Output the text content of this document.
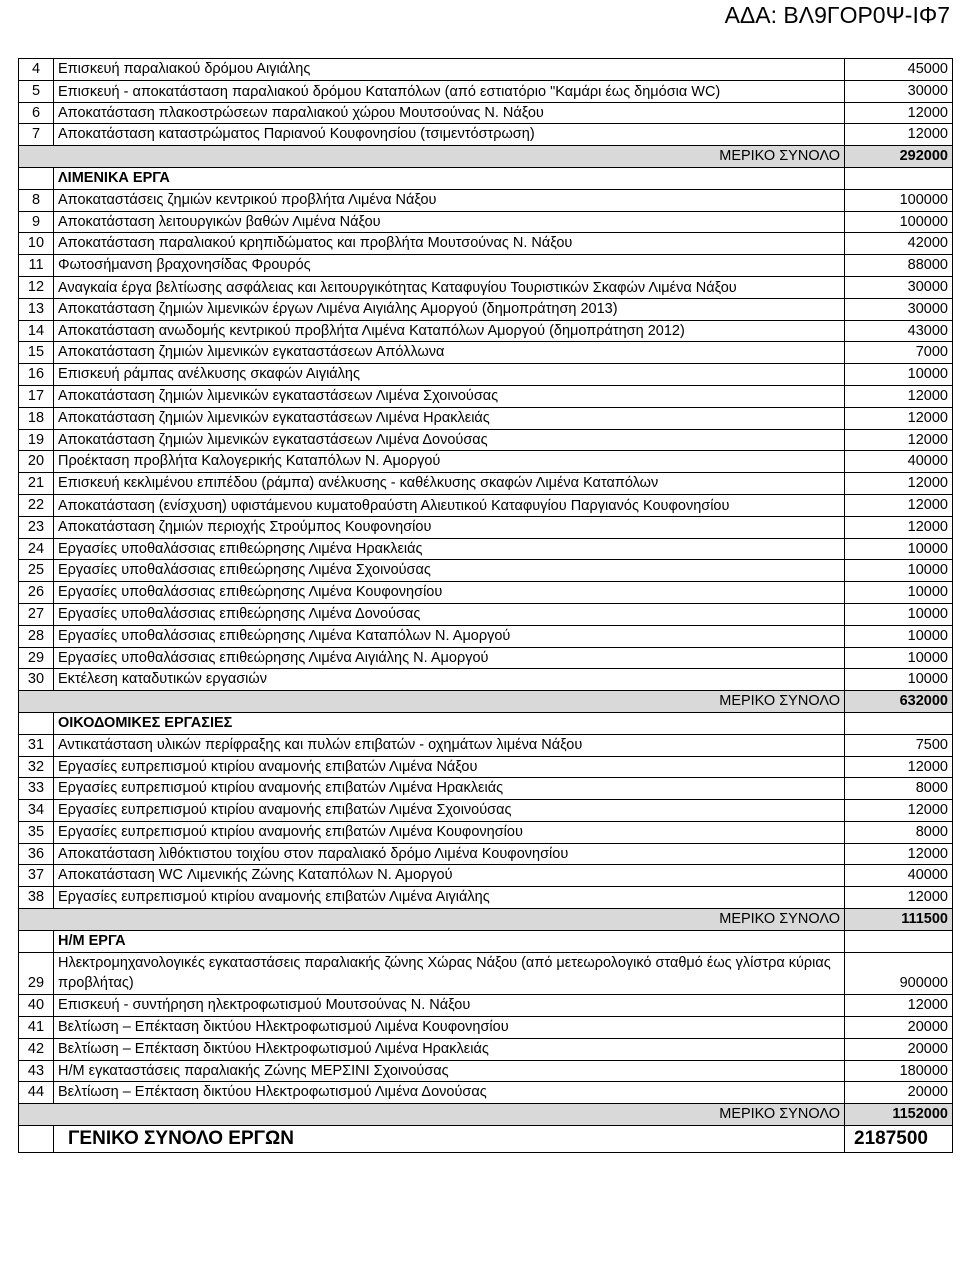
ΑΔΑ: ΒΛ9ΓΟΡ0Ψ-ΙΦ7
4	Επισκευή παραλιακού δρόμου Αιγιάλης	45000
5	Επισκευή - αποκατάσταση παραλιακού δρόμου Καταπόλων (από εστιατόριο "Καμάρι έως δημόσια WC)	30000
6	Αποκατάσταση πλακοστρώσεων παραλιακού χώρου Μουτσούνας Ν. Νάξου	12000
7	Αποκατάσταση καταστρώματος Παριανού Κουφονησίου (τσιμεντόστρωση)	12000
ΜΕΡΙΚΟ ΣΥΝΟΛΟ		292000
	ΛΙΜΕΝΙΚΑ ΕΡΓΑ	
8	Αποκαταστάσεις ζημιών κεντρικού προβλήτα Λιμένα Νάξου	100000
9	Αποκατάσταση λειτουργικών βαθών Λιμένα Νάξου	100000
10	Αποκατάσταση παραλιακού κρηπιδώματος και προβλήτα Μουτσούνας Ν. Νάξου	42000
11	Φωτοσήμανση βραχονησίδας Φρουρός	88000
12	Αναγκαία έργα βελτίωσης ασφάλειας και λειτουργικότητας Καταφυγίου Τουριστικών Σκαφών Λιμένα Νάξου	30000
13	Αποκατάσταση ζημιών λιμενικών έργων Λιμένα Αιγιάλης Αμοργού (δημοπράτηση 2013)	30000
14	Αποκατάσταση ανωδομής κεντρικού προβλήτα Λιμένα Καταπόλων Αμοργού (δημοπράτηση 2012)	43000
15	Αποκατάσταση ζημιών λιμενικών εγκαταστάσεων Απόλλωνα	7000
16	Επισκευή ράμπας ανέλκυσης σκαφών Αιγιάλης	10000
17	Αποκατάσταση ζημιών λιμενικών εγκαταστάσεων Λιμένα Σχοινούσας	12000
18	Αποκατάσταση ζημιών λιμενικών εγκαταστάσεων Λιμένα Ηρακλειάς	12000
19	Αποκατάσταση ζημιών λιμενικών εγκαταστάσεων Λιμένα Δονούσας	12000
20	Προέκταση προβλήτα Καλογερικής Καταπόλων Ν. Αμοργού	40000
21	Επισκευή κεκλιμένου επιπέδου (ράμπα) ανέλκυσης - καθέλκυσης σκαφών Λιμένα Καταπόλων	12000
22	Αποκατάσταση (ενίσχυση) υφιστάμενου κυματοθραύστη Αλιευτικού Καταφυγίου Παργιανός Κουφονησίου	12000
23	Αποκατάσταση ζημιών περιοχής Στρούμπος Κουφονησίου	12000
24	Εργασίες υποθαλάσσιας επιθεώρησης Λιμένα Ηρακλειάς	10000
25	Εργασίες υποθαλάσσιας επιθεώρησης Λιμένα Σχοινούσας	10000
26	Εργασίες υποθαλάσσιας επιθεώρησης Λιμένα Κουφονησίου	10000
27	Εργασίες υποθαλάσσιας επιθεώρησης Λιμένα Δονούσας	10000
28	Εργασίες υποθαλάσσιας επιθεώρησης Λιμένα Καταπόλων Ν. Αμοργού	10000
29	Εργασίες υποθαλάσσιας επιθεώρησης Λιμένα Αιγιάλης Ν. Αμοργού	10000
30	Εκτέλεση καταδυτικών εργασιών	10000
ΜΕΡΙΚΟ ΣΥΝΟΛΟ		632000
	ΟΙΚΟΔΟΜΙΚΕΣ ΕΡΓΑΣΙΕΣ	
31	Αντικατάσταση υλικών περίφραξης και πυλών επιβατών - οχημάτων λιμένα Νάξου	7500
32	Εργασίες ευπρεπισμού κτιρίου αναμονής επιβατών Λιμένα Νάξου	12000
33	Εργασίες ευπρεπισμού κτιρίου αναμονής επιβατών Λιμένα Ηρακλειάς	8000
34	Εργασίες ευπρεπισμού κτιρίου αναμονής επιβατών Λιμένα Σχοινούσας	12000
35	Εργασίες ευπρεπισμού κτιρίου αναμονής επιβατών Λιμένα Κουφονησίου	8000
36	Αποκατάσταση λιθόκτιστου τοιχίου στον παραλιακό δρόμο Λιμένα Κουφονησίου	12000
37	Αποκατάσταση WC Λιμενικής Ζώνης Καταπόλων Ν. Αμοργού	40000
38	Εργασίες ευπρεπισμού κτιρίου αναμονής επιβατών Λιμένα Αιγιάλης	12000
ΜΕΡΙΚΟ ΣΥΝΟΛΟ		111500
	Η/Μ ΕΡΓΑ	
29	Ηλεκτρομηχανολογικές εγκαταστάσεις παραλιακής ζώνης Χώρας Νάξου (από μετεωρολογικό σταθμό έως γλίστρα κύριας προβλήτας)	900000
40	Επισκευή - συντήρηση ηλεκτροφωτισμού Μουτσούνας Ν. Νάξου	12000
41	Βελτίωση – Επέκταση δικτύου Ηλεκτροφωτισμού Λιμένα Κουφονησίου	20000
42	Βελτίωση – Επέκταση δικτύου Ηλεκτροφωτισμού Λιμένα Ηρακλειάς	20000
43	Η/Μ εγκαταστάσεις παραλιακής Ζώνης ΜΕΡΣΙΝΙ Σχοινούσας	180000
44	Βελτίωση – Επέκταση δικτύου Ηλεκτροφωτισμού Λιμένα Δονούσας	20000
ΜΕΡΙΚΟ ΣΥΝΟΛΟ		1152000
	ΓΕΝΙΚΟ ΣΥΝΟΛΟ ΕΡΓΩΝ	2187500
